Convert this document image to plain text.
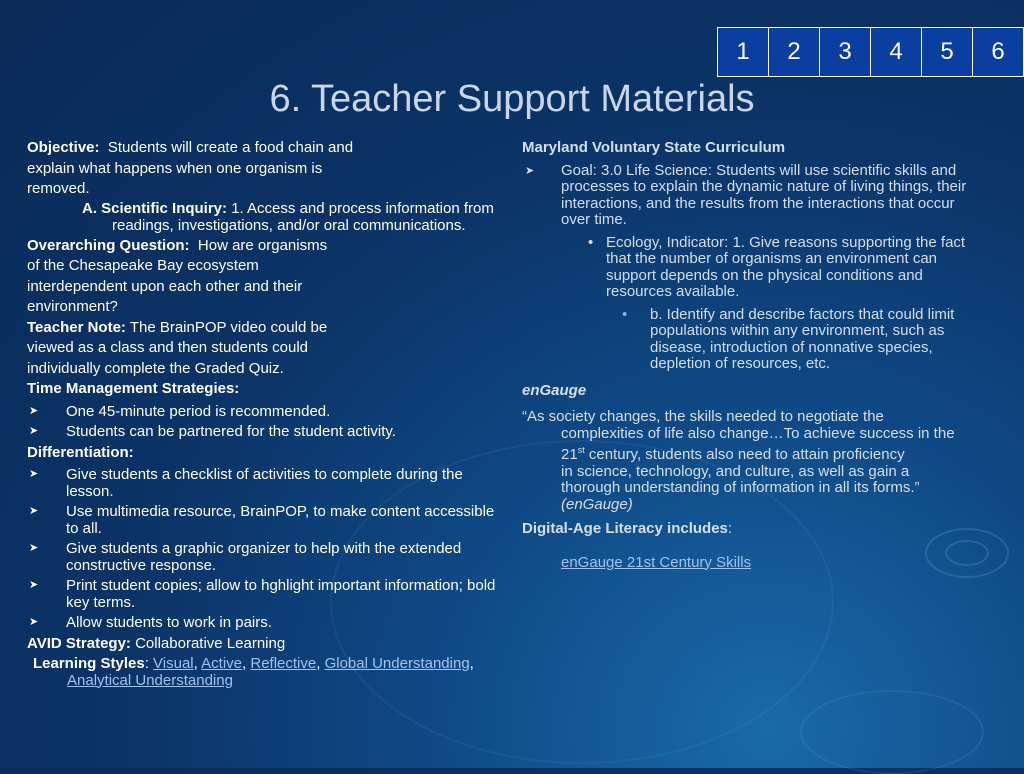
1	2	3	4	5	6
6. Teacher Support Materials
Objective: Students will create a food chain and
explain what happens when one organism is
removed.
A. Scientific Inquiry: 1. Access and process information from readings, investigations, and/or oral communications.
Overarching Question: How are organisms
of the Chesapeake Bay ecosystem
interdependent upon each other and their
environment?
Teacher Note: The BrainPOP video could be
viewed as a class and then students could
individually complete the Graded Quiz.
Time Management Strategies:
➤ One 45-minute period is recommended.
➤ Students can be partnered for the student activity.
Differentiation:
➤ Give students a checklist of activities to complete during the lesson.
➤ Use multimedia resource, BrainPOP, to make content accessible to all.
➤ Give students a graphic organizer to help with the extended constructive response.
➤ Print student copies; allow to hghlight important information; bold key terms.
➤ Allow students to work in pairs.
AVID Strategy: Collaborative Learning
Learning Styles: Visual, Active, Reflective, Global Understanding, Analytical Understanding
Maryland Voluntary State Curriculum
➤ Goal: 3.0 Life Science: Students will use scientific skills and processes to explain the dynamic nature of living things, their interactions, and the results from the interactions that occur over time.
• Ecology, Indicator: 1. Give reasons supporting the fact that the number of organisms an environment can support depends on the physical conditions and resources available.
• b. Identify and describe factors that could limit populations within any environment, such as disease, introduction of nonnative species, depletion of resources, etc.
enGauge
“As society changes, the skills needed to negotiate the complexities of life also change…To achieve success in the 21st century, students also need to attain proficiency
in science, technology, and culture, as well as gain a thorough understanding of information in all its forms.”
(enGauge)
Digital-Age Literacy includes:
enGauge 21st Century Skills
